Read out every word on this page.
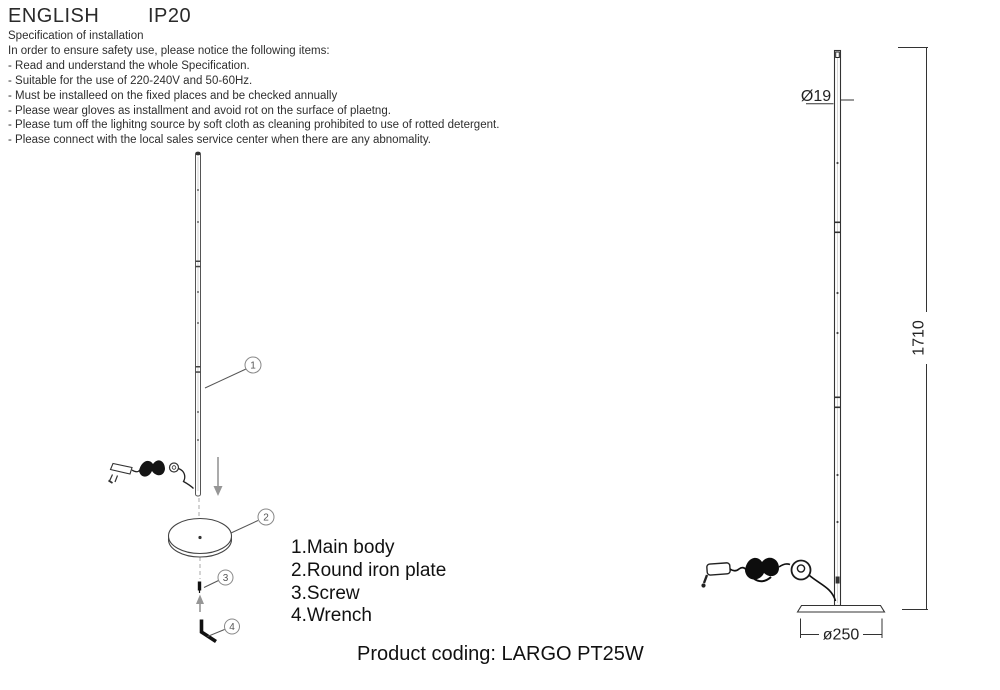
ENGLISH IP20
Specification of installation
In order to ensure safety use, please notice the following items:
- Read and understand the whole Specification.
- Suitable for the use of 220-240V and 50-60Hz.
- Must be installeed on the fixed places and be checked annually
- Please wear gloves as installment and avoid rot on the surface of plaetng.
- Please tum off the lighitng source by soft cloth as cleaning prohibited to use of rotted detergent.
- Please connect with the local sales service center when there are any abnomality.
1
2
3
4
Ø19
1710
ø250
1.Main body
2.Round iron plate
3.Screw
4.Wrench
Product coding: LARGO PT25W
